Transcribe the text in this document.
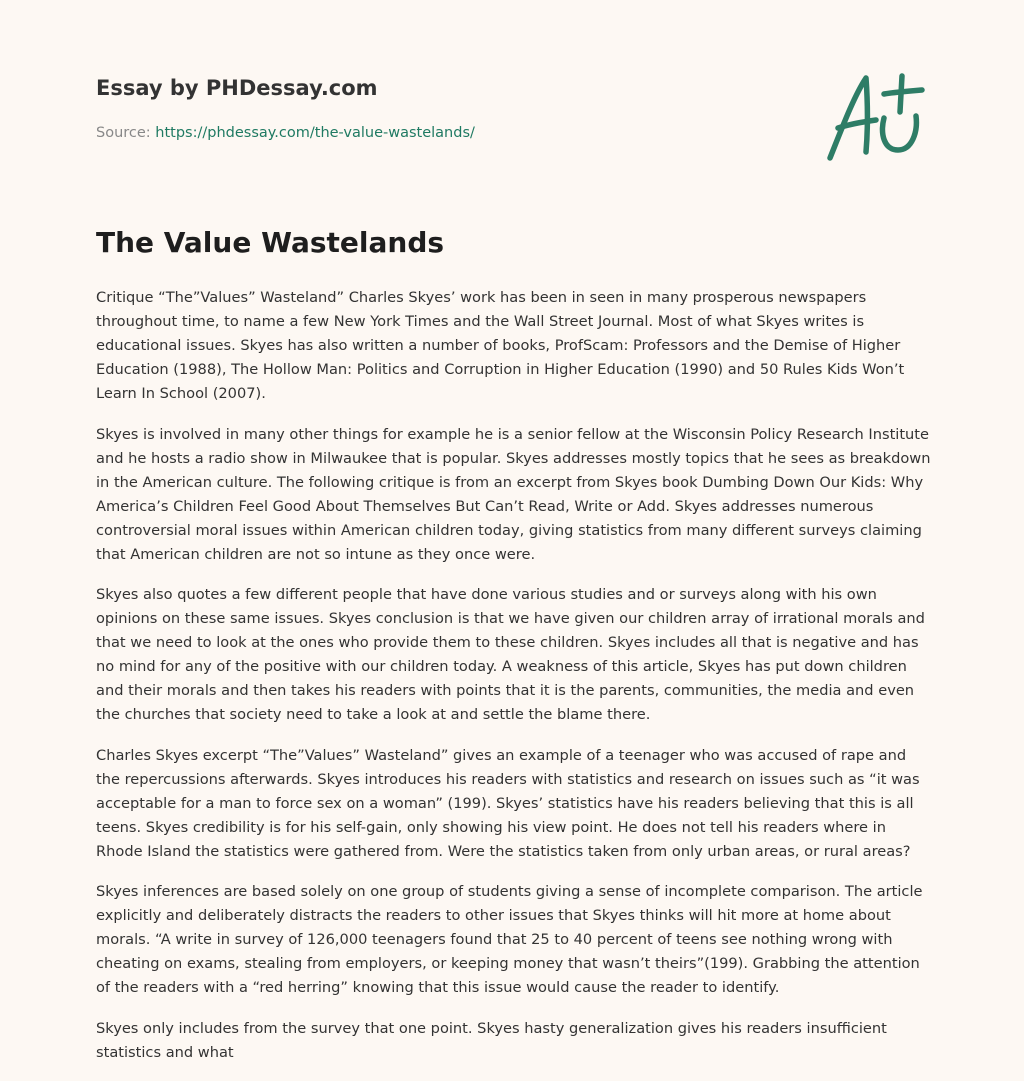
Essay by PHDessay.com
Source: https://phdessay.com/the-value-wastelands/
The Value Wastelands

Critique “The”Values” Wasteland” Charles Skyes’ work has been in seen in many prosperous newspapers throughout time, to name a few New York Times and the Wall Street Journal. Most of what Skyes writes is educational issues. Skyes has also written a number of books, ProfScam: Professors and the Demise of Higher Education (1988), The Hollow Man: Politics and Corruption in Higher Education (1990) and 50 Rules Kids Won’t Learn In School (2007).

Skyes is involved in many other things for example he is a senior fellow at the Wisconsin Policy Research Institute and he hosts a radio show in Milwaukee that is popular. Skyes addresses mostly topics that he sees as breakdown in the American culture. The following critique is from an excerpt from Skyes book Dumbing Down Our Kids: Why America’s Children Feel Good About Themselves But Can’t Read, Write or Add. Skyes addresses numerous controversial moral issues within American children today, giving statistics from many different surveys claiming that American children are not so intune as they once were.

Skyes also quotes a few different people that have done various studies and or surveys along with his own opinions on these same issues. Skyes conclusion is that we have given our children array of irrational morals and that we need to look at the ones who provide them to these children. Skyes includes all that is negative and has no mind for any of the positive with our children today. A weakness of this article, Skyes has put down children and their morals and then takes his readers with points that it is the parents, communities, the media and even the churches that society need to take a look at and settle the blame there.

Charles Skyes excerpt “The”Values” Wasteland” gives an example of a teenager who was accused of rape and the repercussions afterwards. Skyes introduces his readers with statistics and research on issues such as “it was acceptable for a man to force sex on a woman” (199). Skyes’ statistics have his readers believing that this is all teens. Skyes credibility is for his self-gain, only showing his view point. He does not tell his readers where in Rhode Island the statistics were gathered from. Were the statistics taken from only urban areas, or rural areas?

Skyes inferences are based solely on one group of students giving a sense of incomplete comparison. The article explicitly and deliberately distracts the readers to other issues that Skyes thinks will hit more at home about morals. “A write in survey of 126,000 teenagers found that 25 to 40 percent of teens see nothing wrong with cheating on exams, stealing from employers, or keeping money that wasn’t theirs”(199). Grabbing the attention of the readers with a “red herring” knowing that this issue would cause the reader to identify.

Skyes only includes from the survey that one point. Skyes hasty generalization gives his readers insufficient statistics and what
